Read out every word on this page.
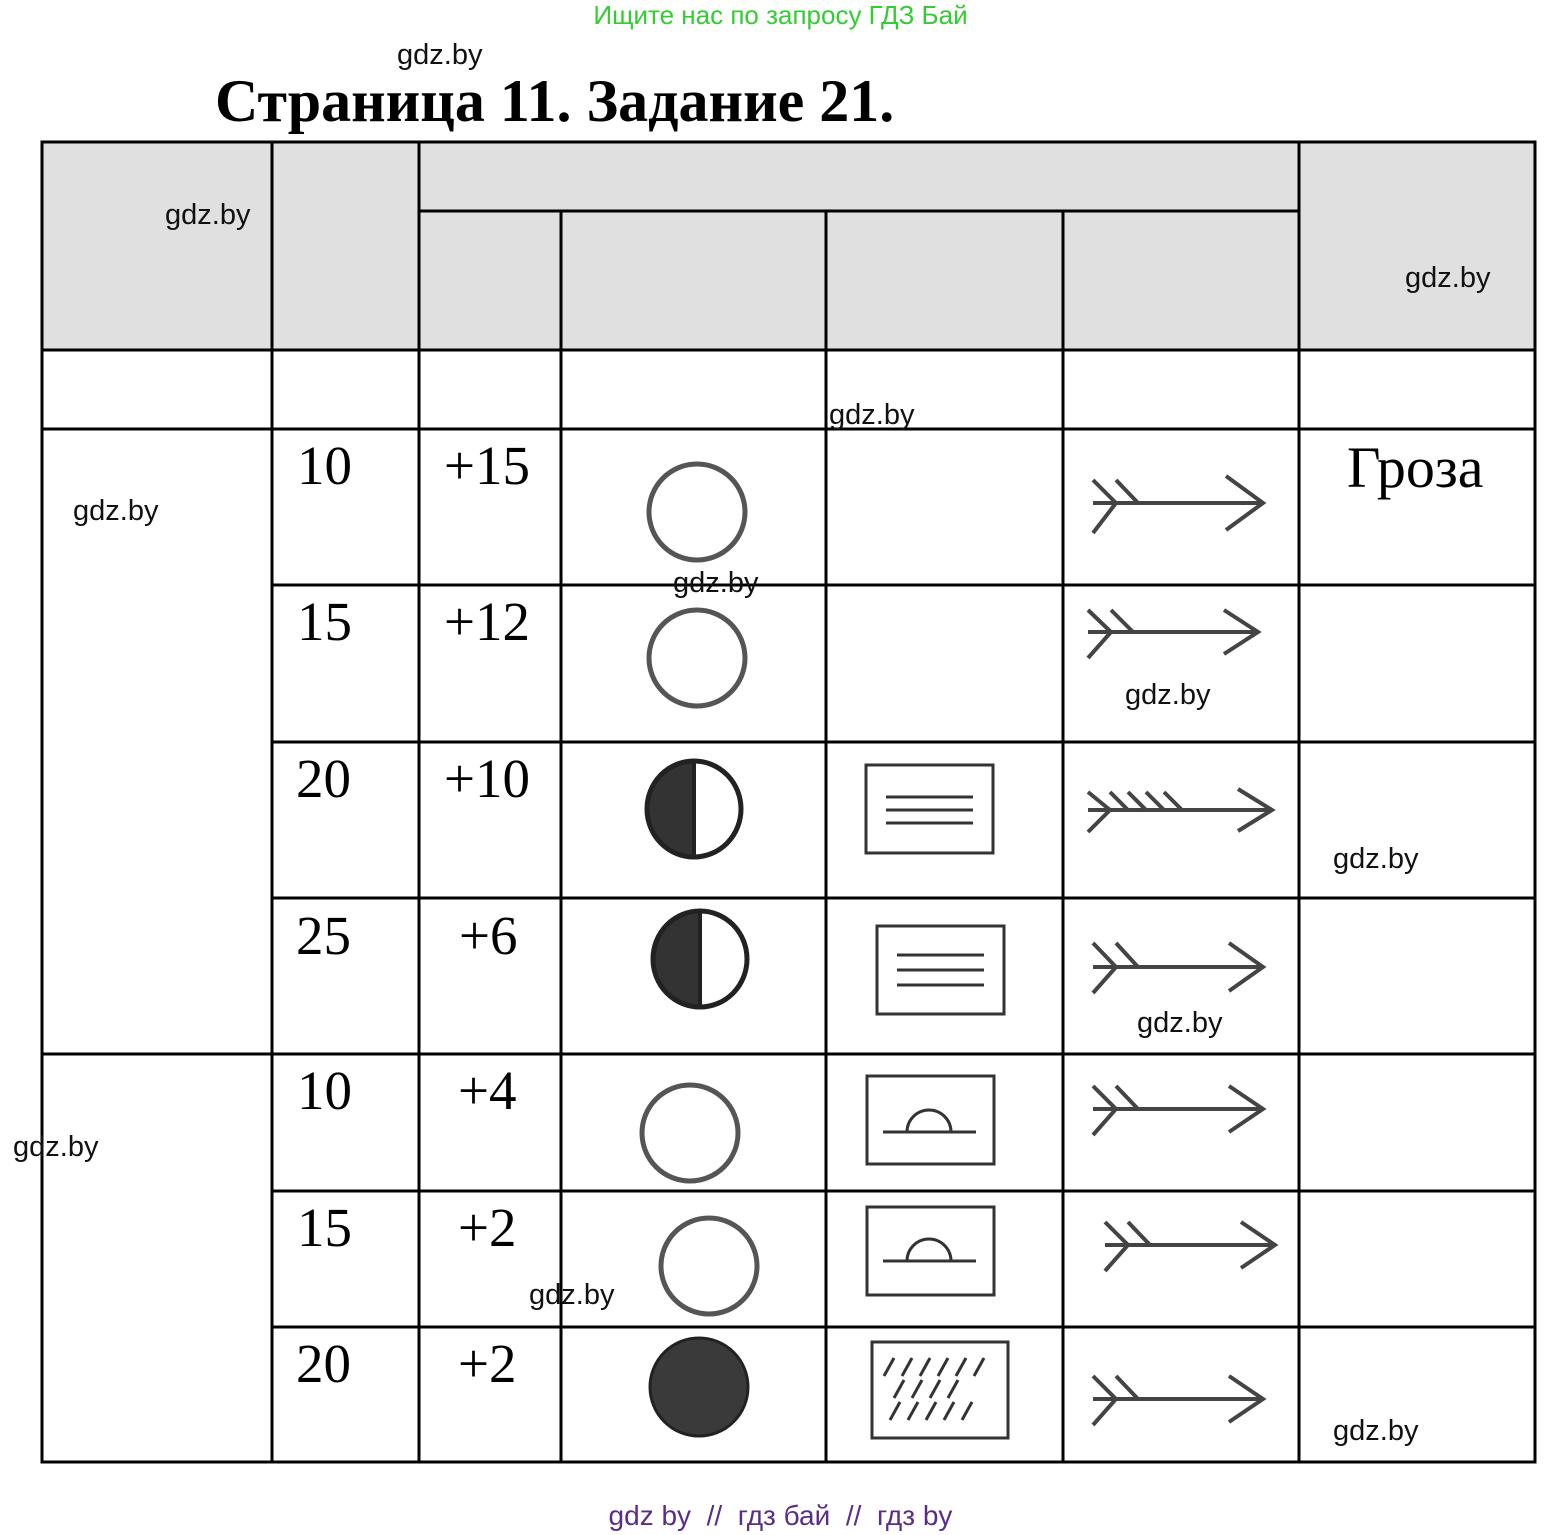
Ищите нас по запросу ГДЗ Бай
Страница 11. Задание 21.
10 +15	Гроза
15 +12
20 +10
25 +6
10 +4
15 +2
20 +2
gdz.by
gdz.by
gdz.by
gdz.by
gdz.by
gdz.by
gdz.by
gdz.by
gdz.by
gdz.by
gdz.by
gdz.by
gdz by // гдз бай // гдз by
